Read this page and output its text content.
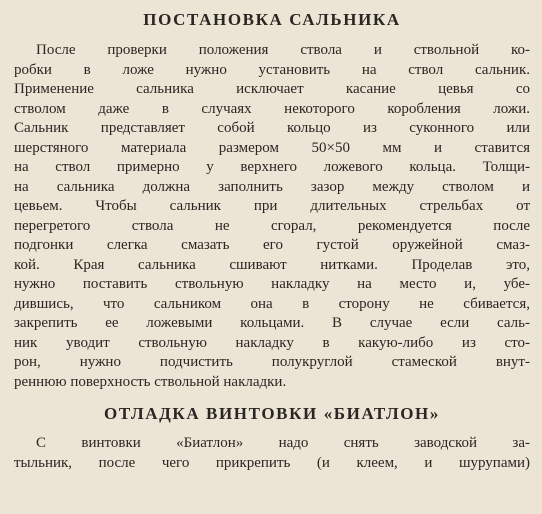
ПОСТАНОВКА САЛЬНИКА
После проверки положения ствола и ствольной ко-
робки в ложе нужно установить на ствол сальник.
Применение сальника исключает касание цевья со
стволом даже в случаях некоторого коробления ложи.
Сальник представляет собой кольцо из суконного или
шерстяного материала размером 50×50 мм и ставится
на ствол примерно у верхнего ложевого кольца. Толщи-
на сальника должна заполнить зазор между стволом и
цевьем. Чтобы сальник при длительных стрельбах от
перегретого ствола не сгорал, рекомендуется после
подгонки слегка смазать его густой оружейной смаз-
кой. Края сальника сшивают нитками. Проделав это,
нужно поставить ствольную накладку на место и, убе-
дившись, что сальником она в сторону не сбивается,
закрепить ее ложевыми кольцами. В случае если саль-
ник уводит ствольную накладку в какую-либо из сто-
рон, нужно подчистить полукруглой стамеской внут-
реннюю поверхность ствольной накладки.
ОТЛАДКА ВИНТОВКИ «БИАТЛОН»
С винтовки «Биатлон» надо снять заводской за-
тыльник, после чего прикрепить (и клеем, и шурупами)
